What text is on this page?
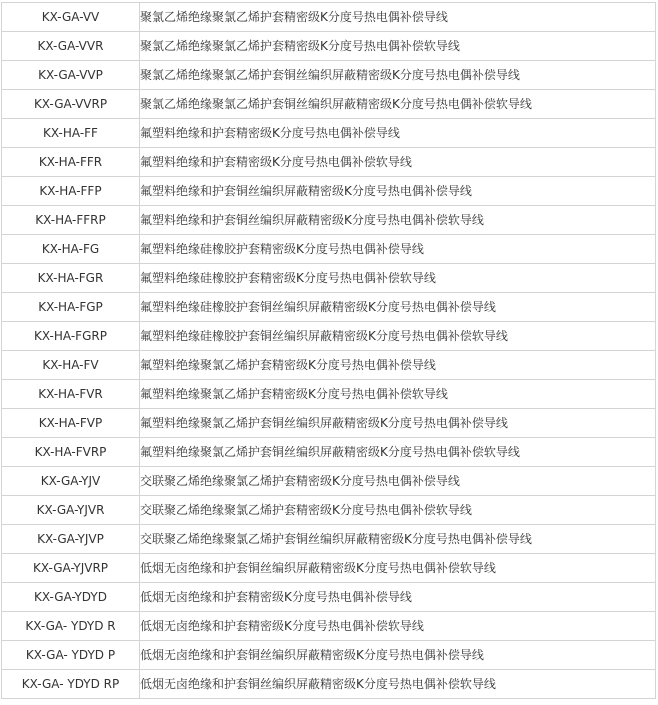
KX-GA-VV	聚氯乙烯绝缘聚氯乙烯护套精密级K分度号热电偶补偿导线
KX-GA-VVR	聚氯乙烯绝缘聚氯乙烯护套精密级K分度号热电偶补偿软导线
KX-GA-VVP	聚氯乙烯绝缘聚氯乙烯护套铜丝编织屏蔽精密级K分度号热电偶补偿导线
KX-GA-VVRP	聚氯乙烯绝缘聚氯乙烯护套铜丝编织屏蔽精密级K分度号热电偶补偿软导线
KX-HA-FF	氟塑料绝缘和护套精密级K分度号热电偶补偿导线
KX-HA-FFR	氟塑料绝缘和护套精密级K分度号热电偶补偿软导线
KX-HA-FFP	氟塑料绝缘和护套铜丝编织屏蔽精密级K分度号热电偶补偿导线
KX-HA-FFRP	氟塑料绝缘和护套铜丝编织屏蔽精密级K分度号热电偶补偿软导线
KX-HA-FG	氟塑料绝缘硅橡胶护套精密级K分度号热电偶补偿导线
KX-HA-FGR	氟塑料绝缘硅橡胶护套精密级K分度号热电偶补偿软导线
KX-HA-FGP	氟塑料绝缘硅橡胶护套铜丝编织屏蔽精密级K分度号热电偶补偿导线
KX-HA-FGRP	氟塑料绝缘硅橡胶护套铜丝编织屏蔽精密级K分度号热电偶补偿软导线
KX-HA-FV	氟塑料绝缘聚氯乙烯护套精密级K分度号热电偶补偿导线
KX-HA-FVR	氟塑料绝缘聚氯乙烯护套精密级K分度号热电偶补偿软导线
KX-HA-FVP	氟塑料绝缘聚氯乙烯护套铜丝编织屏蔽精密级K分度号热电偶补偿导线
KX-HA-FVRP	氟塑料绝缘聚氯乙烯护套铜丝编织屏蔽精密级K分度号热电偶补偿软导线
KX-GA-YJV	交联聚乙烯绝缘聚氯乙烯护套精密级K分度号热电偶补偿导线
KX-GA-YJVR	交联聚乙烯绝缘聚氯乙烯护套精密级K分度号热电偶补偿软导线
KX-GA-YJVP	交联聚乙烯绝缘聚氯乙烯护套铜丝编织屏蔽精密级K分度号热电偶补偿导线
KX-GA-YJVRP	低烟无卤绝缘和护套铜丝编织屏蔽精密级K分度号热电偶补偿软导线
KX-GA-YDYD	低烟无卤绝缘和护套精密级K分度号热电偶补偿导线
KX-GA- YDYD R	低烟无卤绝缘和护套精密级K分度号热电偶补偿软导线
KX-GA- YDYD P	低烟无卤绝缘和护套铜丝编织屏蔽精密级K分度号热电偶补偿导线
KX-GA- YDYD RP	低烟无卤绝缘和护套铜丝编织屏蔽精密级K分度号热电偶补偿软导线
